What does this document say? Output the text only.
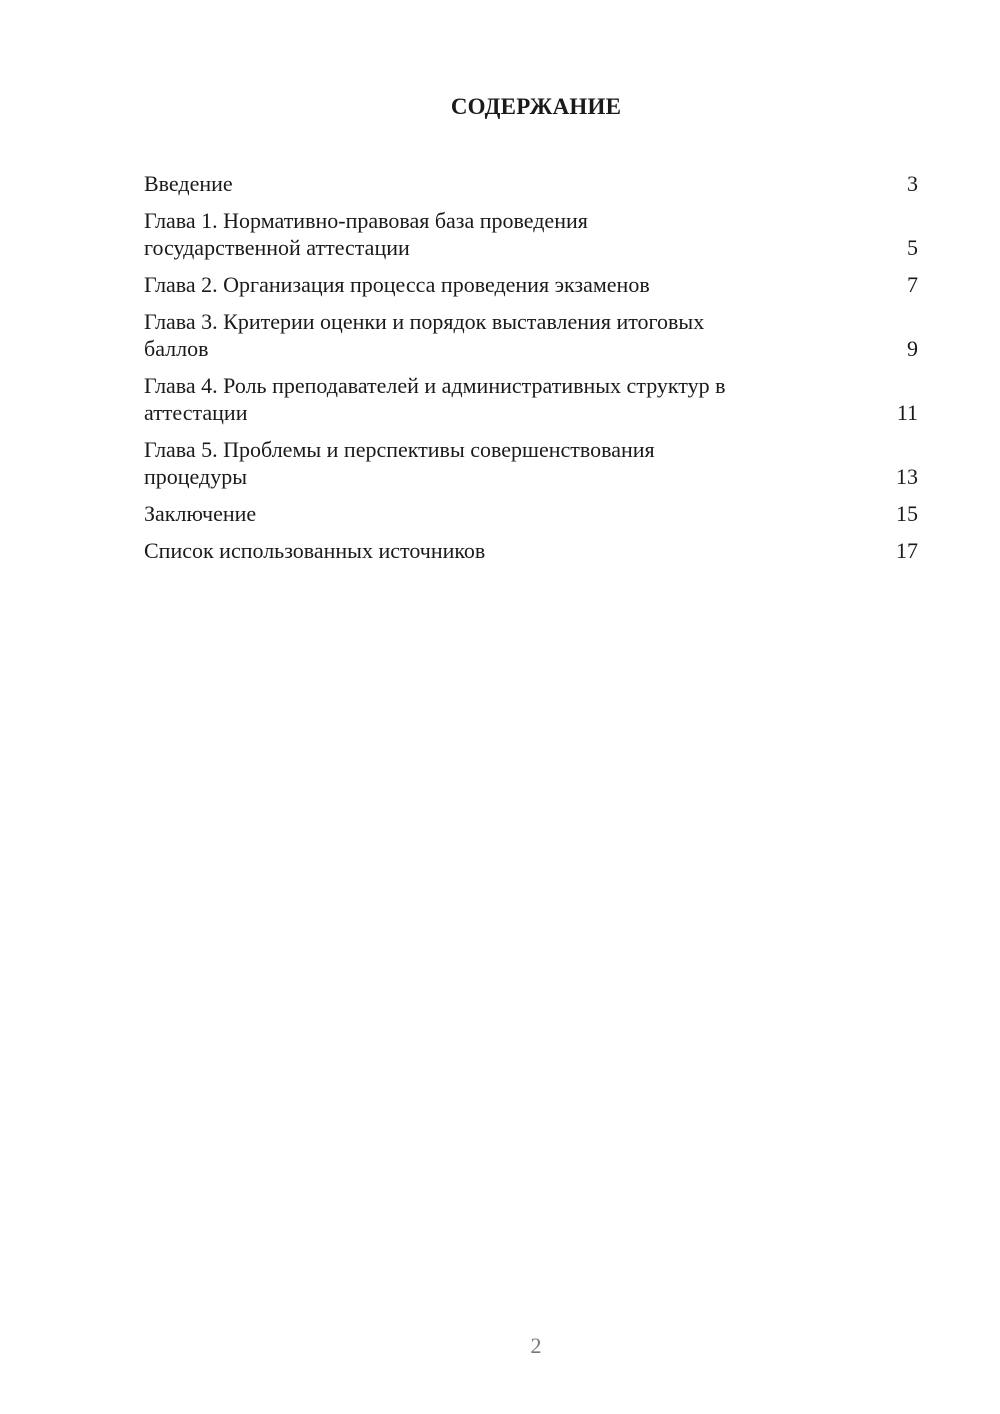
СОДЕРЖАНИЕ
Введение	3
Глава 1. Нормативно-правовая база проведения
государственной аттестации	5
Глава 2. Организация процесса проведения экзаменов	7
Глава 3. Критерии оценки и порядок выставления итоговых
баллов	9
Глава 4. Роль преподавателей и административных структур в
аттестации	11
Глава 5. Проблемы и перспективы совершенствования
процедуры	13
Заключение	15
Список использованных источников	17
2
